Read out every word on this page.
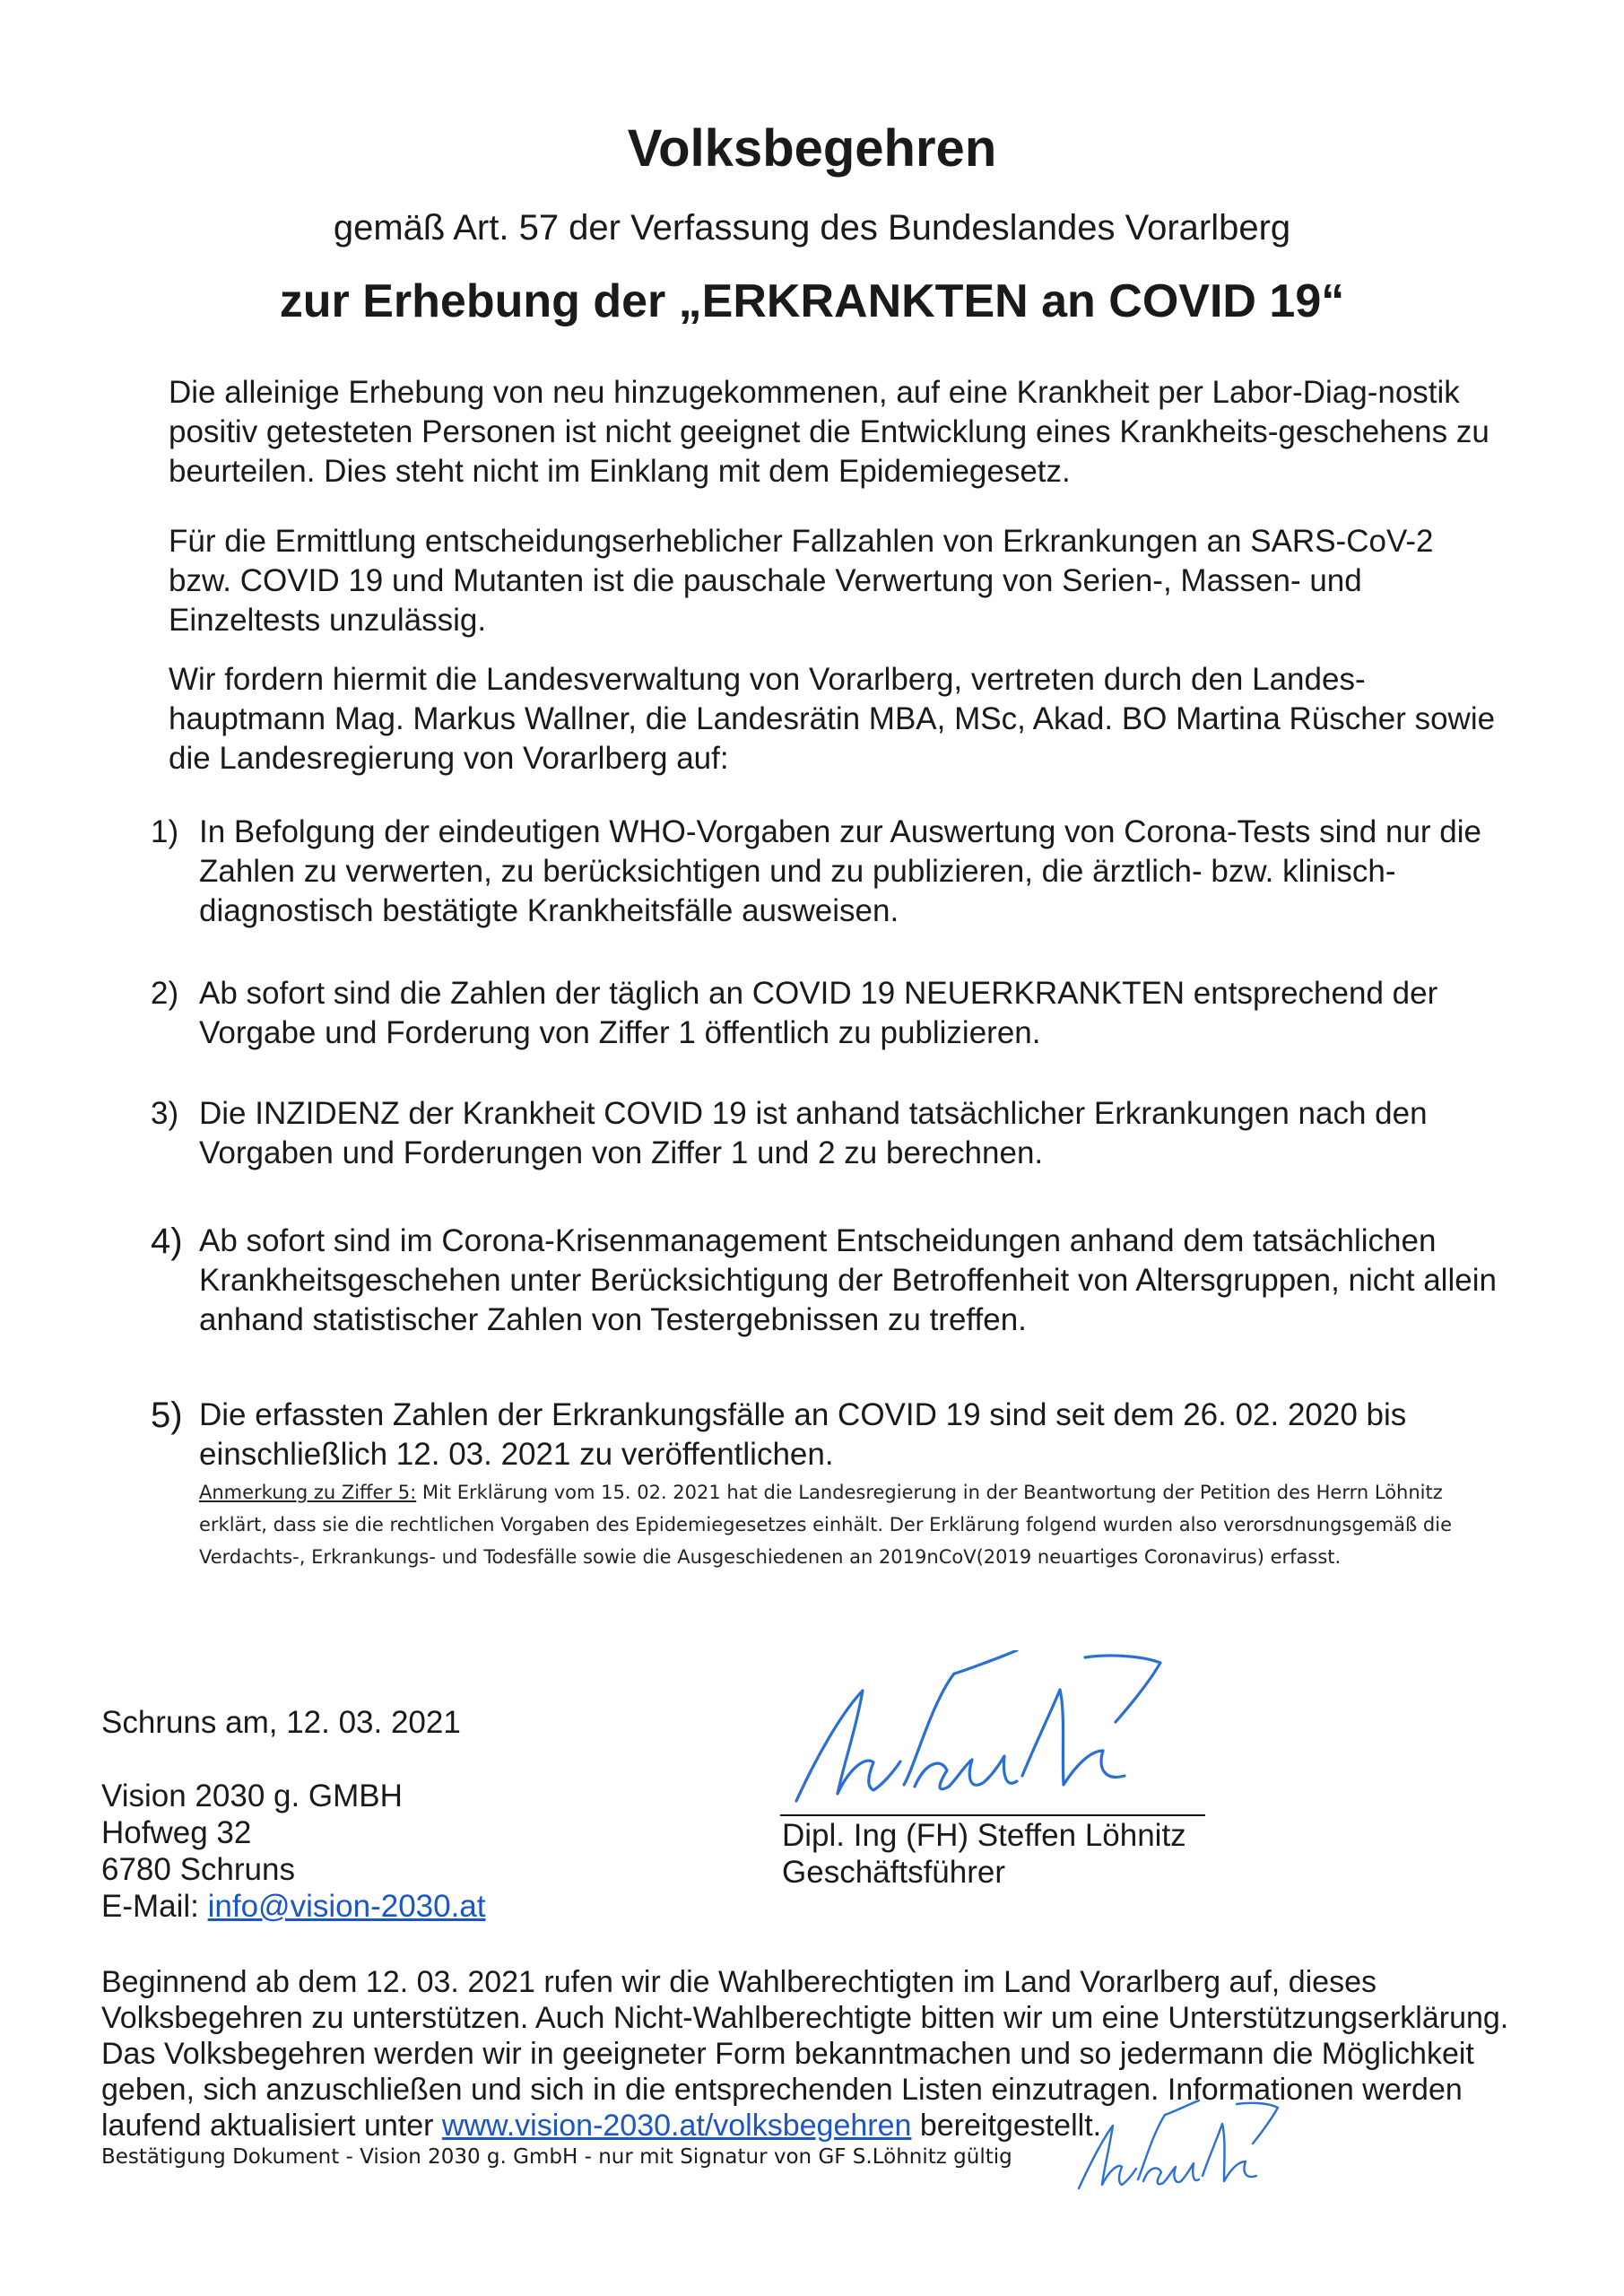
Volksbegehren

gemäß Art. 57 der Verfassung des Bundeslandes Vorarlberg

zur Erhebung der „ERKRANKTEN an COVID 19“

Die alleinige Erhebung von neu hinzugekommenen, auf eine Krankheit per Labor-Diag-nostik positiv getesteten Personen ist nicht geeignet die Entwicklung eines Krankheits-geschehens zu beurteilen. Dies steht nicht im Einklang mit dem Epidemiegesetz.

Für die Ermittlung entscheidungserheblicher Fallzahlen von Erkrankungen an SARS-CoV-2 bzw. COVID 19 und Mutanten ist die pauschale Verwertung von Serien-, Massen- und Einzeltests unzulässig.

Wir fordern hiermit die Landesverwaltung von Vorarlberg, vertreten durch den Landes-hauptmann Mag. Markus Wallner, die Landesrätin MBA, MSc, Akad. BO Martina Rüscher sowie die Landesregierung von Vorarlberg auf:

1) In Befolgung der eindeutigen WHO-Vorgaben zur Auswertung von Corona-Tests sind nur die Zahlen zu verwerten, zu berücksichtigen und zu publizieren, die ärztlich- bzw. klinisch-diagnostisch bestätigte Krankheitsfälle ausweisen.

2) Ab sofort sind die Zahlen der täglich an COVID 19 NEUERKRANKTEN entsprechend der Vorgabe und Forderung von Ziffer 1 öffentlich zu publizieren.

3) Die INZIDENZ der Krankheit COVID 19 ist anhand tatsächlicher Erkrankungen nach den Vorgaben und Forderungen von Ziffer 1 und 2 zu berechnen.

4) Ab sofort sind im Corona-Krisenmanagement Entscheidungen anhand dem tatsächlichen Krankheitsgeschehen unter Berücksichtigung der Betroffenheit von Altersgruppen, nicht allein anhand statistischer Zahlen von Testergebnissen zu treffen.

5) Die erfassten Zahlen der Erkrankungsfälle an COVID 19 sind seit dem 26. 02. 2020 bis einschließlich 12. 03. 2021 zu veröffentlichen.

Anmerkung zu Ziffer 5: Mit Erklärung vom 15. 02. 2021 hat die Landesregierung in der Beantwortung der Petition des Herrn Löhnitz erklärt, dass sie die rechtlichen Vorgaben des Epidemiegesetzes einhält. Der Erklärung folgend wurden also verorsdnungsgemäß die Verdachts-, Erkrankungs- und Todesfälle sowie die Ausgeschiedenen an 2019nCoV(2019 neuartiges Coronavirus) erfasst.

Schruns am, 12. 03. 2021

Vision 2030 g. GMBH
Hofweg 32
6780 Schruns
E-Mail: info@vision-2030.at
Dipl. Ing (FH) Steffen Löhnitz
Geschäftsführer

Beginnend ab dem 12. 03. 2021 rufen wir die Wahlberechtigten im Land Vorarlberg auf, dieses Volksbegehren zu unterstützen. Auch Nicht-Wahlberechtigte bitten wir um eine Unterstützungserklärung. Das Volksbegehren werden wir in geeigneter Form bekanntmachen und so jedermann die Möglichkeit geben, sich anzuschließen und sich in die entsprechenden Listen einzutragen. Informationen werden laufend aktualisiert unter www.vision-2030.at/volksbegehren bereitgestellt.

Bestätigung Dokument - Vision 2030 g. GmbH - nur mit Signatur von GF S.Löhnitz gültig
